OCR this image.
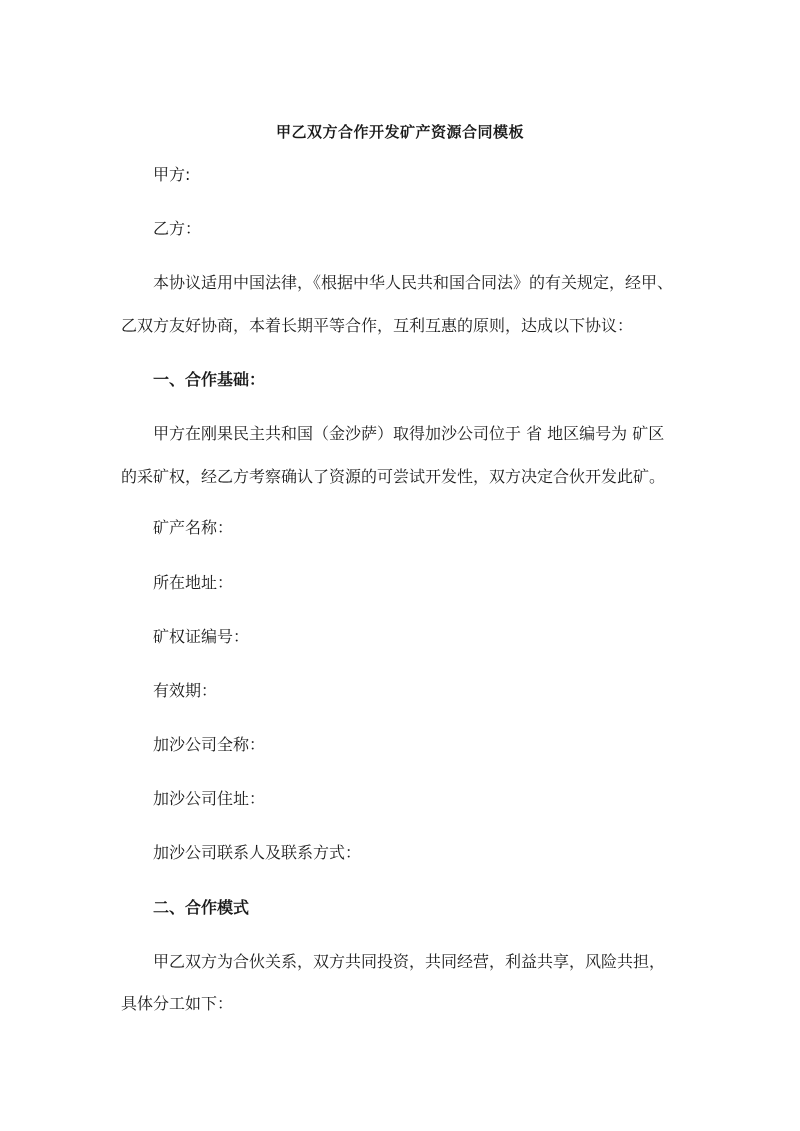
甲乙双方合作开发矿产资源合同模板
甲方:
乙方：
本协议适用中国法律，《根据中华人民共和国合同法》的有关规定，经甲、
乙双方友好协商，本着长期平等合作，互利互惠的原则，达成以下协议：
一、合作基础：
甲方在刚果民主共和国（金沙萨）取得加沙公司位于 省 地区编号为 矿区
的采矿权，经乙方考察确认了资源的可尝试开发性，双方决定合伙开发此矿。
矿产名称：
所在地址：
矿权证编号：
有效期：
加沙公司全称：
加沙公司住址：
加沙公司联系人及联系方式：
二、合作模式
甲乙双方为合伙关系，双方共同投资，共同经营，利益共享，风险共担，
具体分工如下：
